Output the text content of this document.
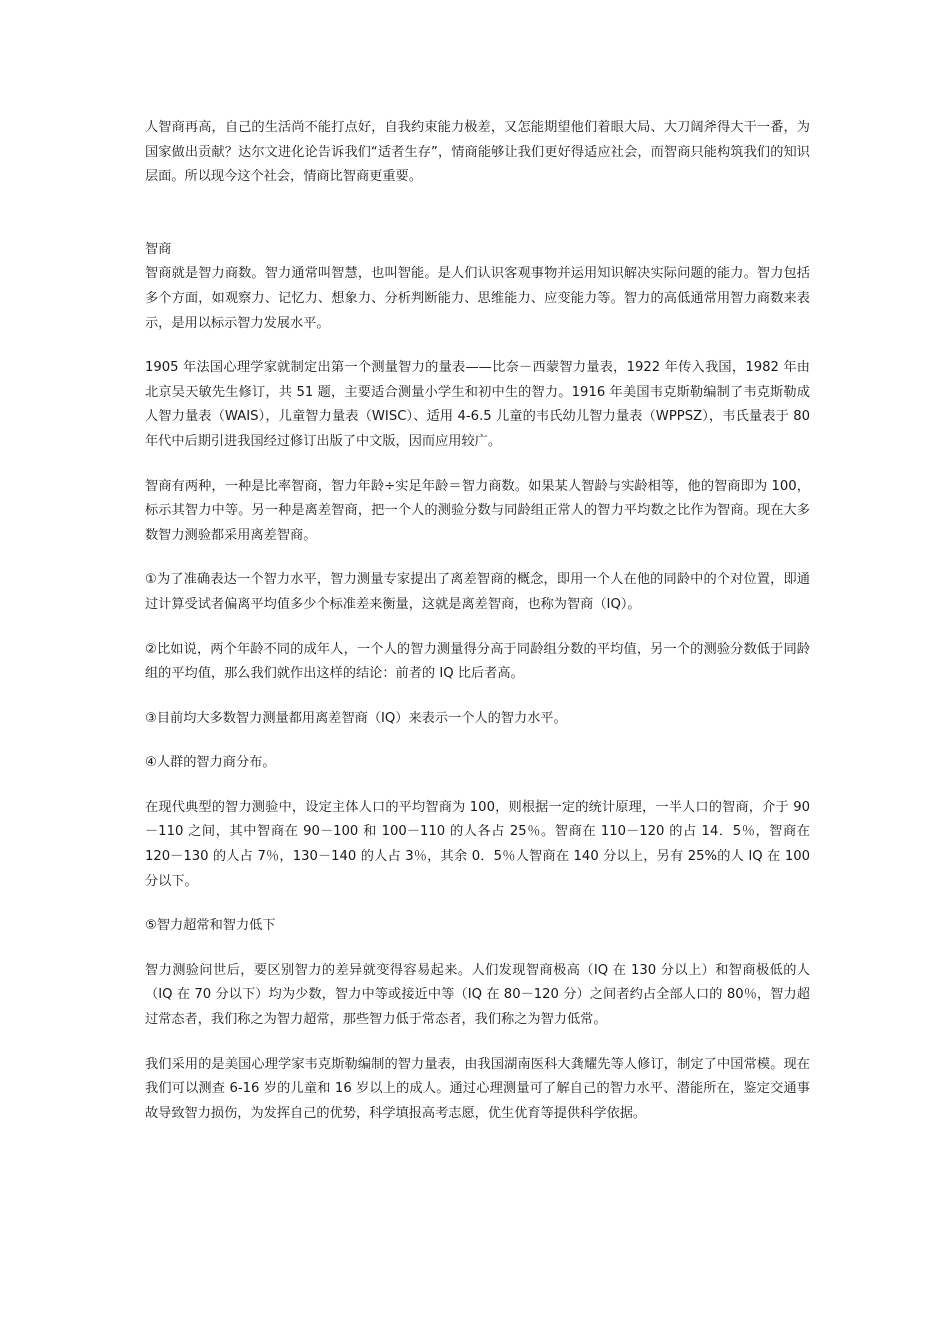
人智商再高，自己的生活尚不能打点好，自我约束能力极差，又怎能期望他们着眼大局、大刀阔斧得大干一番，为国家做出贡献？达尔文进化论告诉我们“适者生存”，情商能够让我们更好得适应社会，而智商只能构筑我们的知识层面。所以现今这个社会，情商比智商更重要。

智商

智商就是智力商数。智力通常叫智慧，也叫智能。是人们认识客观事物并运用知识解决实际问题的能力。智力包括多个方面，如观察力、记忆力、想象力、分析判断能力、思维能力、应变能力等。智力的高低通常用智力商数来表示，是用以标示智力发展水平。

1905 年法国心理学家就制定出第一个测量智力的量表——比奈－西蒙智力量表，1922 年传入我国，1982 年由北京吴天敏先生修订，共 51 题，主要适合测量小学生和初中生的智力。1916 年美国韦克斯勒编制了韦克斯勒成人智力量表（WAIS），儿童智力量表（WISC）、适用 4-6.5 儿童的韦氏幼儿智力量表（WPPSZ），韦氏量表于 80 年代中后期引进我国经过修订出版了中文版，因而应用较广。

智商有两种，一种是比率智商，智力年龄÷实足年龄＝智力商数。如果某人智龄与实龄相等，他的智商即为 100，标示其智力中等。另一种是离差智商，把一个人的测验分数与同龄组正常人的智力平均数之比作为智商。现在大多数智力测验都采用离差智商。

①为了准确表达一个智力水平，智力测量专家提出了离差智商的概念，即用一个人在他的同龄中的个对位置，即通过计算受试者偏离平均值多少个标准差来衡量，这就是离差智商，也称为智商（IQ）。

②比如说，两个年龄不同的成年人，一个人的智力测量得分高于同龄组分数的平均值，另一个的测验分数低于同龄组的平均值，那么我们就作出这样的结论：前者的 IQ 比后者高。

③目前均大多数智力测量都用离差智商（IQ）来表示一个人的智力水平。

④人群的智力商分布。

在现代典型的智力测验中，设定主体人口的平均智商为 100，则根据一定的统计原理，一半人口的智商，介于 90－110 之间，其中智商在 90－100 和 100－110 的人各占 25％。智商在 110－120 的占 14．5％，智商在 120－130 的人占 7％，130－140 的人占 3％，其余 0．5％人智商在 140 分以上，另有 25%的人 IQ 在 100 分以下。

⑤智力超常和智力低下

智力测验问世后，要区别智力的差异就变得容易起来。人们发现智商极高（IQ 在 130 分以上）和智商极低的人（IQ 在 70 分以下）均为少数，智力中等或接近中等（IQ 在 80－120 分）之间者约占全部人口的 80％，智力超过常态者，我们称之为智力超常，那些智力低于常态者，我们称之为智力低常。

我们采用的是美国心理学家韦克斯勒编制的智力量表，由我国湖南医科大龚耀先等人修订，制定了中国常模。现在我们可以测查 6-16 岁的儿童和 16 岁以上的成人。通过心理测量可了解自己的智力水平、潜能所在，鉴定交通事故导致智力损伤，为发挥自己的优势，科学填报高考志愿，优生优育等提供科学依据。
